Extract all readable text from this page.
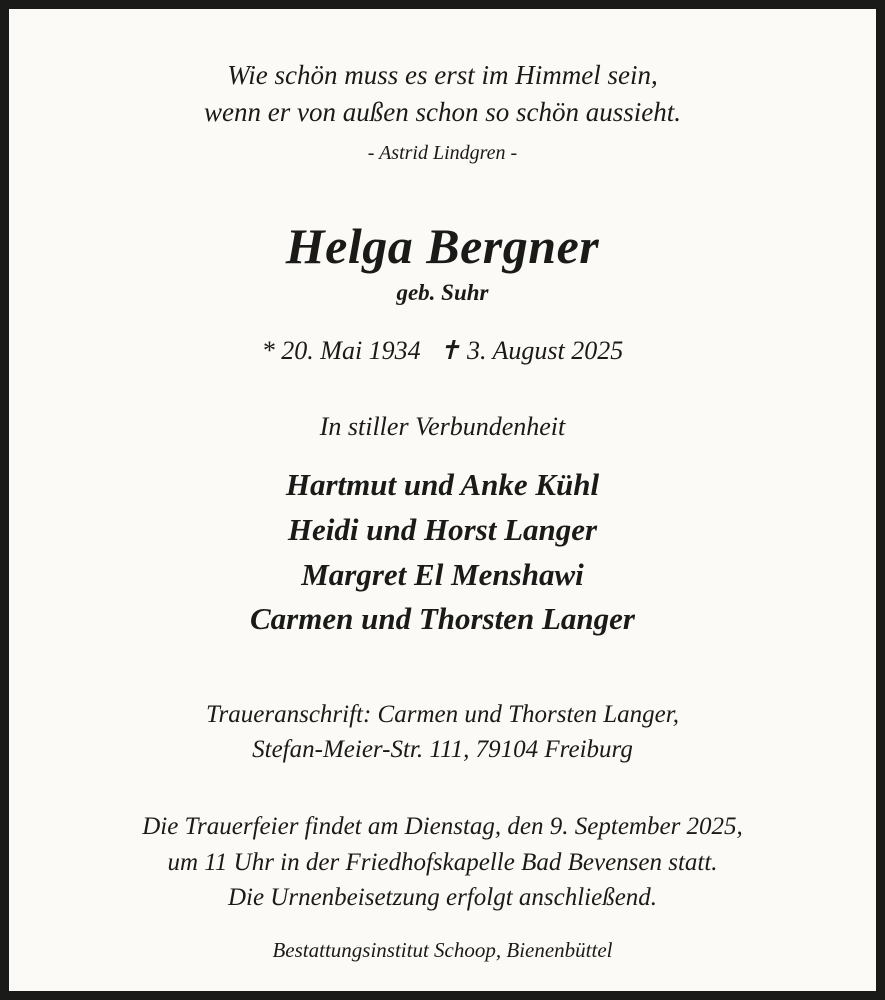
Wie schön muss es erst im Himmel sein,
wenn er von außen schon so schön aussieht.
- Astrid Lindgren -
Helga Bergner
geb. Suhr
* 20. Mai 1934 ✝ 3. August 2025
In stiller Verbundenheit
Hartmut und Anke Kühl
Heidi und Horst Langer
Margret El Menshawi
Carmen und Thorsten Langer
Traueranschrift: Carmen und Thorsten Langer,
Stefan-Meier-Str. 111, 79104 Freiburg
Die Trauerfeier findet am Dienstag, den 9. September 2025,
um 11 Uhr in der Friedhofskapelle Bad Bevensen statt.
Die Urnenbeisetzung erfolgt anschließend.
Bestattungsinstitut Schoop, Bienenbüttel
